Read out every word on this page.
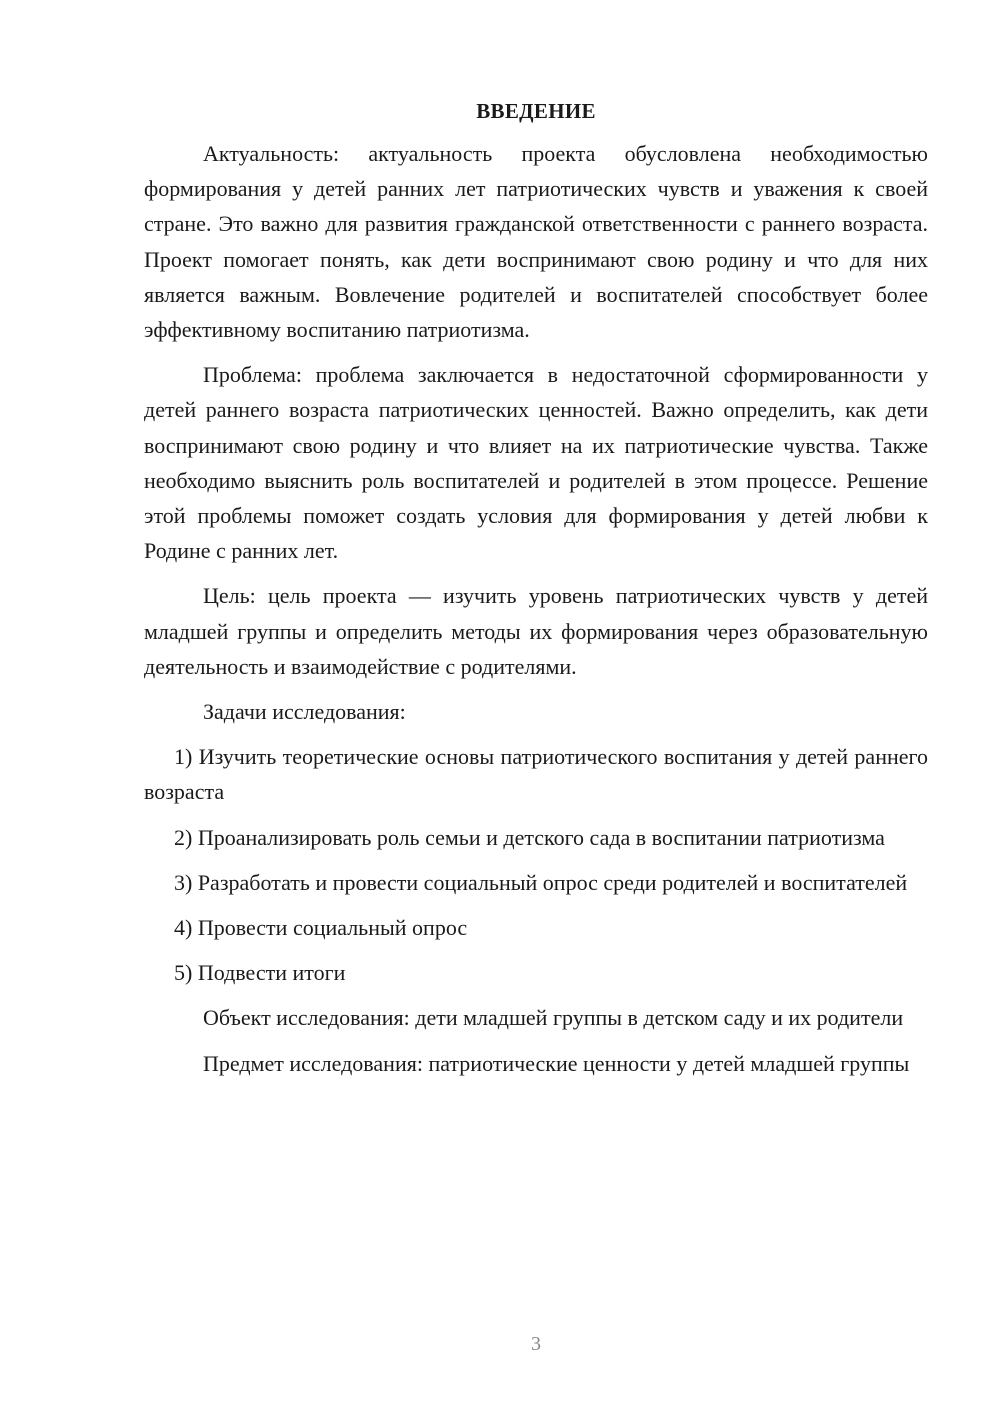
ВВЕДЕНИЕ

Актуальность: актуальность проекта обусловлена необходимостью формирования у детей ранних лет патриотических чувств и уважения к своей стране. Это важно для развития гражданской ответственности с раннего возраста. Проект помогает понять, как дети воспринимают свою родину и что для них является важным. Вовлечение родителей и воспитателей способствует более эффективному воспитанию патриотизма.

Проблема: проблема заключается в недостаточной сформированности у детей раннего возраста патриотических ценностей. Важно определить, как дети воспринимают свою родину и что влияет на их патриотические чувства. Также необходимо выяснить роль воспитателей и родителей в этом процессе. Решение этой проблемы поможет создать условия для формирования у детей любви к Родине с ранних лет.

Цель: цель проекта — изучить уровень патриотических чувств у детей младшей группы и определить методы их формирования через образовательную деятельность и взаимодействие с родителями.

Задачи исследования:

1) Изучить теоретические основы патриотического воспитания у детей раннего возраста

2) Проанализировать роль семьи и детского сада в воспитании патриотизма

3) Разработать и провести социальный опрос среди родителей и воспитателей

4) Провести социальный опрос

5) Подвести итоги

Объект исследования: дети младшей группы в детском саду и их родители

Предмет исследования: патриотические ценности у детей младшей группы

3
